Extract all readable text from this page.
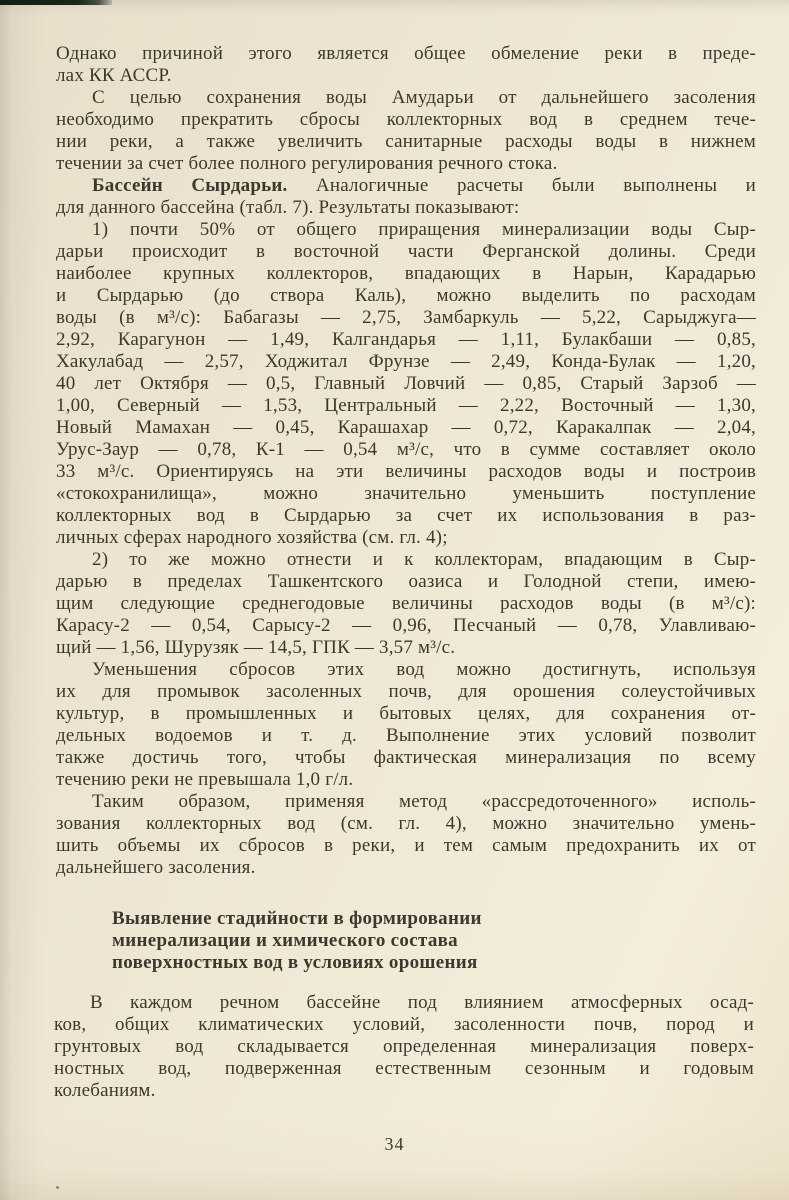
Однако причиной этого является общее обмеление реки в преде-
лах КК АССР.
С целью сохранения воды Амударьи от дальнейшего засоления
необходимо прекратить сбросы коллекторных вод в среднем тече-
нии реки, а также увеличить санитарные расходы воды в нижнем
течении за счет более полного регулирования речного стока.
Бассейн Сырдарьи. Аналогичные расчеты были выполнены и
для данного бассейна (табл. 7). Результаты показывают:
1) почти 50% от общего приращения минерализации воды Сыр-
дарьи происходит в восточной части Ферганской долины. Среди
наиболее крупных коллекторов, впадающих в Нарын, Карадарью
и Сырдарью (до створа Каль), можно выделить по расходам
воды (в м³/с): Бабагазы — 2,75, Замбаркуль — 5,22, Сарыджуга—
2,92, Карагунон — 1,49, Калгандарья — 1,11, Булакбаши — 0,85,
Хакулабад — 2,57, Ходжитал Фрунзе — 2,49, Конда-Булак — 1,20,
40 лет Октября — 0,5, Главный Ловчий — 0,85, Старый Зарзоб —
1,00, Северный — 1,53, Центральный — 2,22, Восточный — 1,30,
Новый Мамахан — 0,45, Карашахар — 0,72, Каракалпак — 2,04,
Урус-Заур — 0,78, К-1 — 0,54 м³/с, что в сумме составляет около
33 м³/с. Ориентируясь на эти величины расходов воды и построив
«стокохранилища», можно значительно уменьшить поступление
коллекторных вод в Сырдарью за счет их использования в раз-
личных сферах народного хозяйства (см. гл. 4);
2) то же можно отнести и к коллекторам, впадающим в Сыр-
дарью в пределах Ташкентского оазиса и Голодной степи, имею-
щим следующие среднегодовые величины расходов воды (в м³/с):
Карасу-2 — 0,54, Сарысу-2 — 0,96, Песчаный — 0,78, Улавливаю-
щий — 1,56, Шурузяк — 14,5, ГПК — 3,57 м³/с.
Уменьшения сбросов этих вод можно достигнуть, используя
их для промывок засоленных почв, для орошения солеустойчивых
культур, в промышленных и бытовых целях, для сохранения от-
дельных водоемов и т. д. Выполнение этих условий позволит
также достичь того, чтобы фактическая минерализация по всему
течению реки не превышала 1,0 г/л.
Таким образом, применяя метод «рассредоточенного» исполь-
зования коллекторных вод (см. гл. 4), можно значительно умень-
шить объемы их сбросов в реки, и тем самым предохранить их от
дальнейшего засоления.
Выявление стадийности в формировании
минерализации и химического состава
поверхностных вод в условиях орошения
В каждом речном бассейне под влиянием атмосферных осад-
ков, общих климатических условий, засоленности почв, пород и
грунтовых вод складывается определенная минерализация поверх-
ностных вод, подверженная естественным сезонным и годовым
колебаниям.
34
